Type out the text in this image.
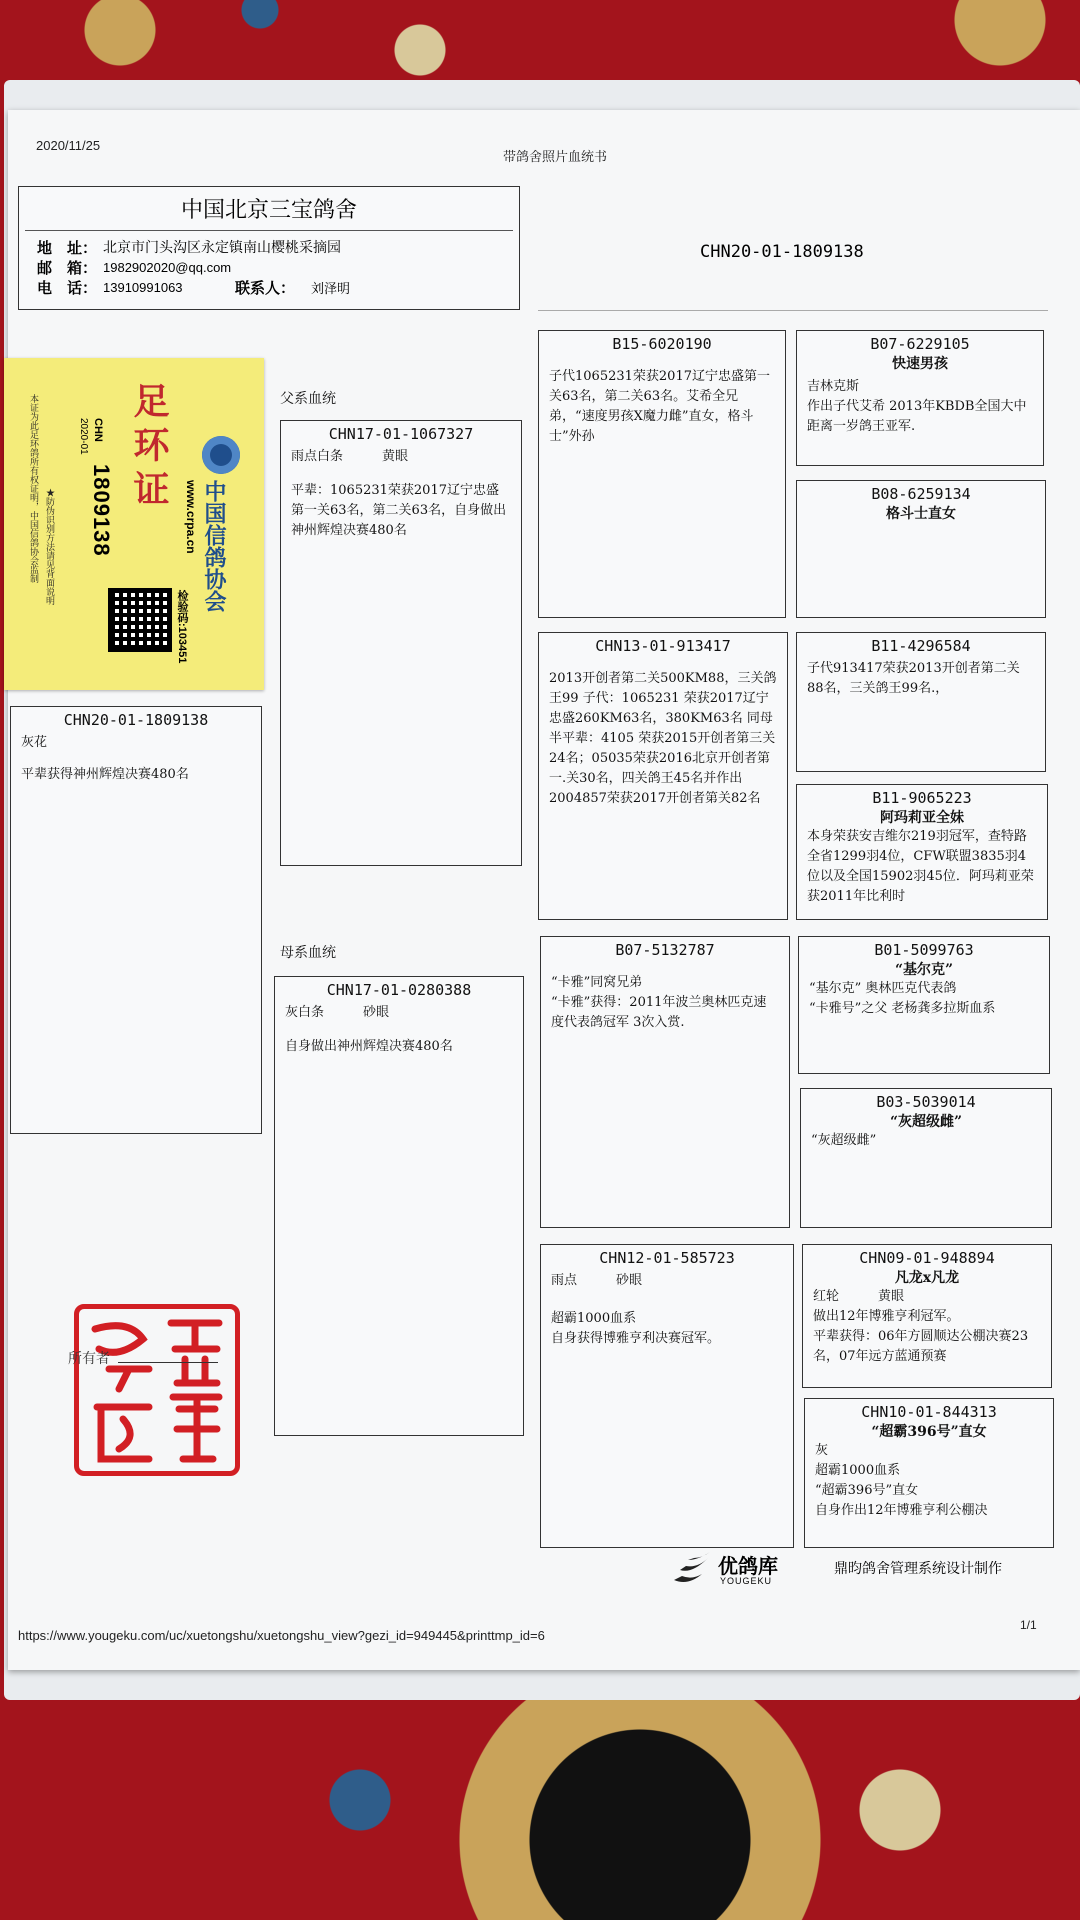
2020/11/25
带鸽舍照片血统书
中国北京三宝鸽舍
地　址： 北京市门头沟区永定镇南山樱桃采摘园
邮　箱： 1982902020@qq.com
电　话： 13910991063	联系人：	刘泽明
CHN20-01-1809138
父系血统
母系血统
CHN20-01-1809138
灰花
平辈获得神州辉煌决赛480名
CHN17-01-1067327
雨点白条　　　黄眼
平辈：1065231荣获2017辽宁忠盛第一关63名，第二关63名，自身做出神州辉煌决赛480名
CHN17-01-0280388
灰白条　　　砂眼
自身做出神州辉煌决赛480名
B15-6020190
子代1065231荣获2017辽宁忠盛第一关63名，第二关63名。艾希全兄弟，“速度男孩X魔力雌”直女，格斗士”外孙
CHN13-01-913417
2013开创者第二关500KM88，三关鸽王99 子代：1065231 荣获2017辽宁忠盛260KM63名，380KM63名 同母半平辈：4105 荣获2015开创者第三关24名；05035荣获2016北京开创者第一.关30名，四关鸽王45名并作出2004857荣获2017开创者第关82名
B07-5132787
“卡雅”同窝兄弟
“卡雅”获得：2011年波兰奥林匹克速度代表鸽冠军 3次入赏.
CHN12-01-585723
雨点　　　砂眼
超霸1000血系
自身获得博雅亨利决赛冠军。
B07-6229105
快速男孩
吉林克斯
作出子代艾希 2013年KBDB全国大中距离一岁鸽王亚军.
B08-6259134
格斗士直女
B11-4296584
子代913417荣获2013开创者第二关88名，三关鸽王99名.，
B11-9065223
阿玛莉亚全妹
本身荣获安吉维尔219羽冠军，查特路全省1299羽4位，CFW联盟3835羽4位以及全国15902羽45位．阿玛莉亚荣获2011年比利时
B01-5099763
“基尔克”
“基尔克” 奥林匹克代表鸽
“卡雅号”之父 老杨龚多拉斯血系
B03-5039014
“灰超级雌”
“灰超级雌”
CHN09-01-948894
凡龙x凡龙
红轮　　　黄眼
做出12年博雅亨利冠军。
平辈获得：06年方圆顺达公棚决赛23名，07年远方蓝通预赛
CHN10-01-844313
“超霸396号”直女
灰
超霸1000血系
“超霸396号”直女
自身作出12年博雅亨利公棚决
所有者
优鸽库
YOUGEKU
鼎昀鸽舍管理系统设计制作
https://www.yougeku.com/uc/xuetongshu/xuetongshu_view?gezi_id=949445&printtmp_id=6
1/1
本证为此足环鸽所有权证明，中国信鸽协会监制 ★防伪识别方法请见背面说明
足环证
CHN
2020-01
1809138	中国信鸽协会
www.crpa.cn
检验码:103451
